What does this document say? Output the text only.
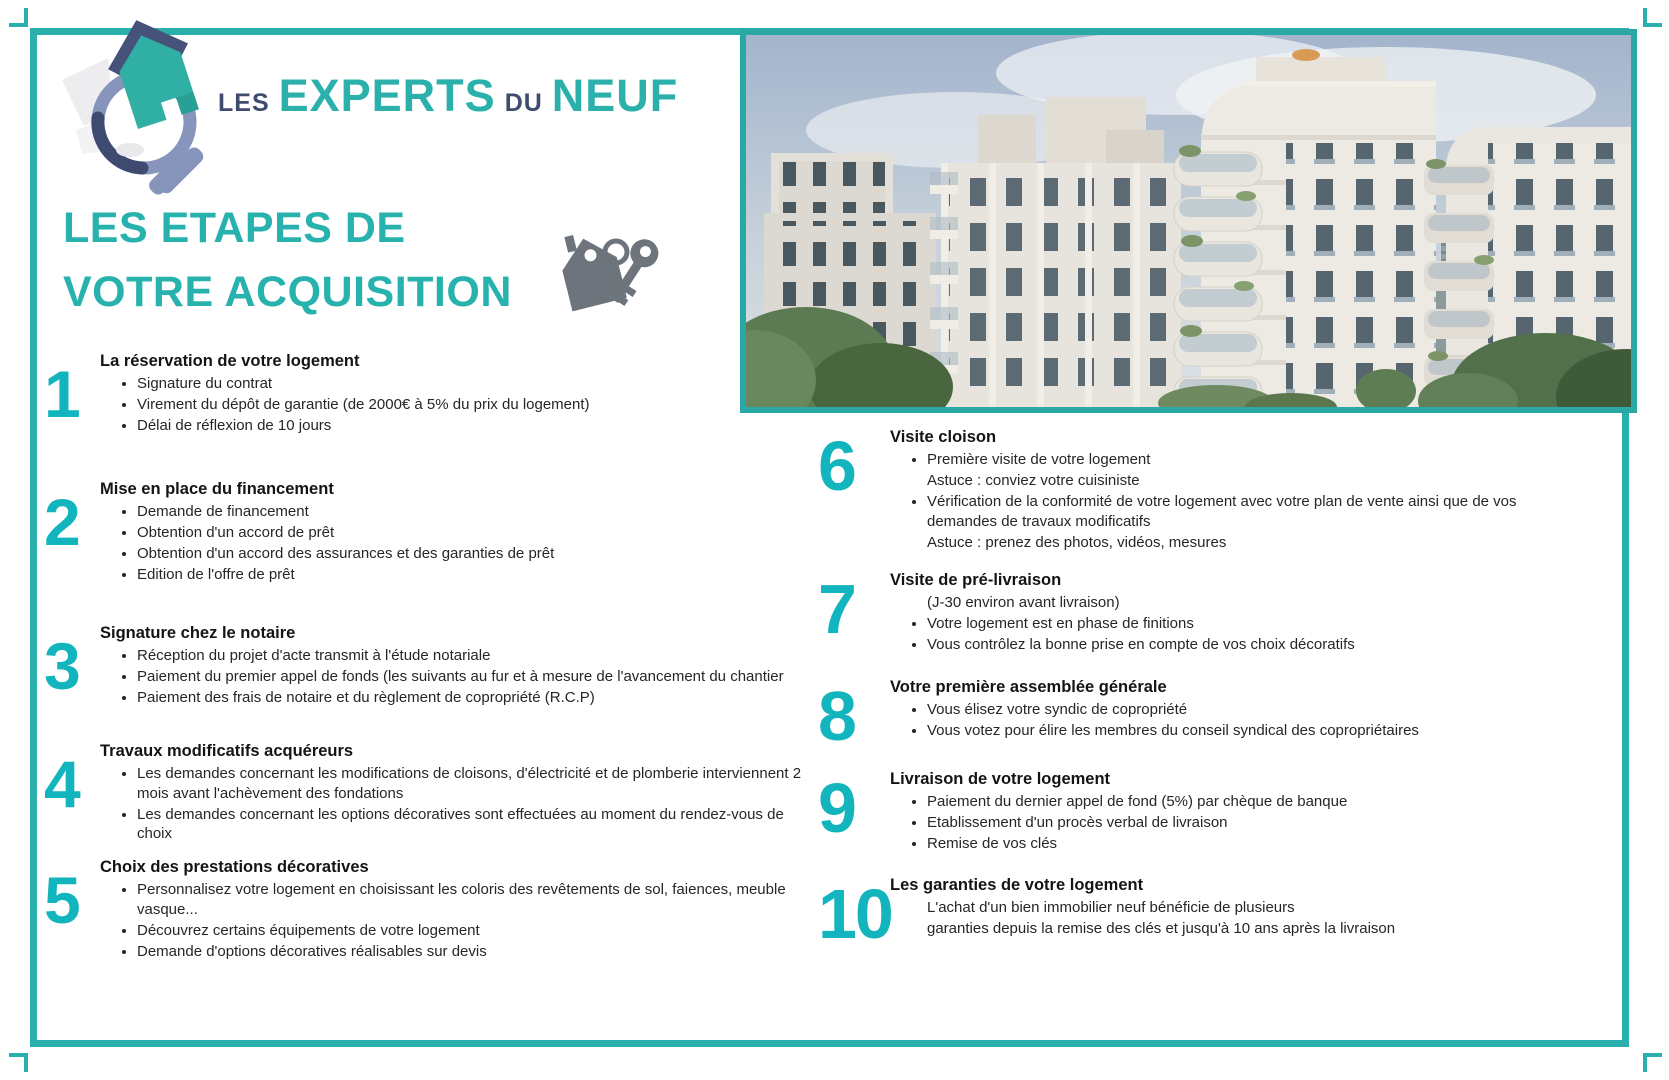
LES EXPERTS DU NEUF
LES ETAPES DE
VOTRE ACQUISITION
1	La réservation de votre logement
• Signature du contrat
• Virement du dépôt de garantie (de 2000€ à 5% du prix du logement)
• Délai de réflexion de 10 jours
2	Mise en place du financement
• Demande de financement
• Obtention d'un accord de prêt
• Obtention d'un accord des assurances et des garanties de prêt
• Edition de l'offre de prêt
3	Signature chez le notaire
• Réception du projet d'acte transmit à l'étude notariale
• Paiement du premier appel de fonds (les suivants au fur et à mesure de l'avancement du chantier
• Paiement des frais de notaire et du règlement de copropriété (R.C.P)
4	Travaux modificatifs acquéreurs
• Les demandes concernant les modifications de cloisons, d'électricité et de plomberie interviennent 2 mois avant l'achèvement des fondations
• Les demandes concernant les options décoratives sont effectuées au moment du rendez-vous de choix
5	Choix des prestations décoratives
• Personnalisez votre logement en choisissant les coloris des revêtements de sol, faiences, meuble vasque...
• Découvrez certains équipements de votre logement
• Demande d'options décoratives réalisables sur devis
6	Visite cloison
• Première visite de votre logement
Astuce : conviez votre cuisiniste
• Vérification de la conformité de votre logement avec votre plan de vente ainsi que de vos demandes de travaux modificatifs
Astuce : prenez des photos, vidéos, mesures
7	Visite de pré-livraison
(J-30 environ avant livraison)
• Votre logement est en phase de finitions
• Vous contrôlez la bonne prise en compte de vos choix décoratifs
8	Votre première assemblée générale
• Vous élisez votre syndic de copropriété
• Vous votez pour élire les membres du conseil syndical des copropriétaires
9	Livraison de votre logement
• Paiement du dernier appel de fond (5%) par chèque de banque
• Etablissement d'un procès verbal de livraison
• Remise de vos clés
10
Les garanties de votre logement
L'achat d'un bien immobilier neuf bénéficie de plusieurs
garanties depuis la remise des clés et jusqu'à 10 ans après la livraison
